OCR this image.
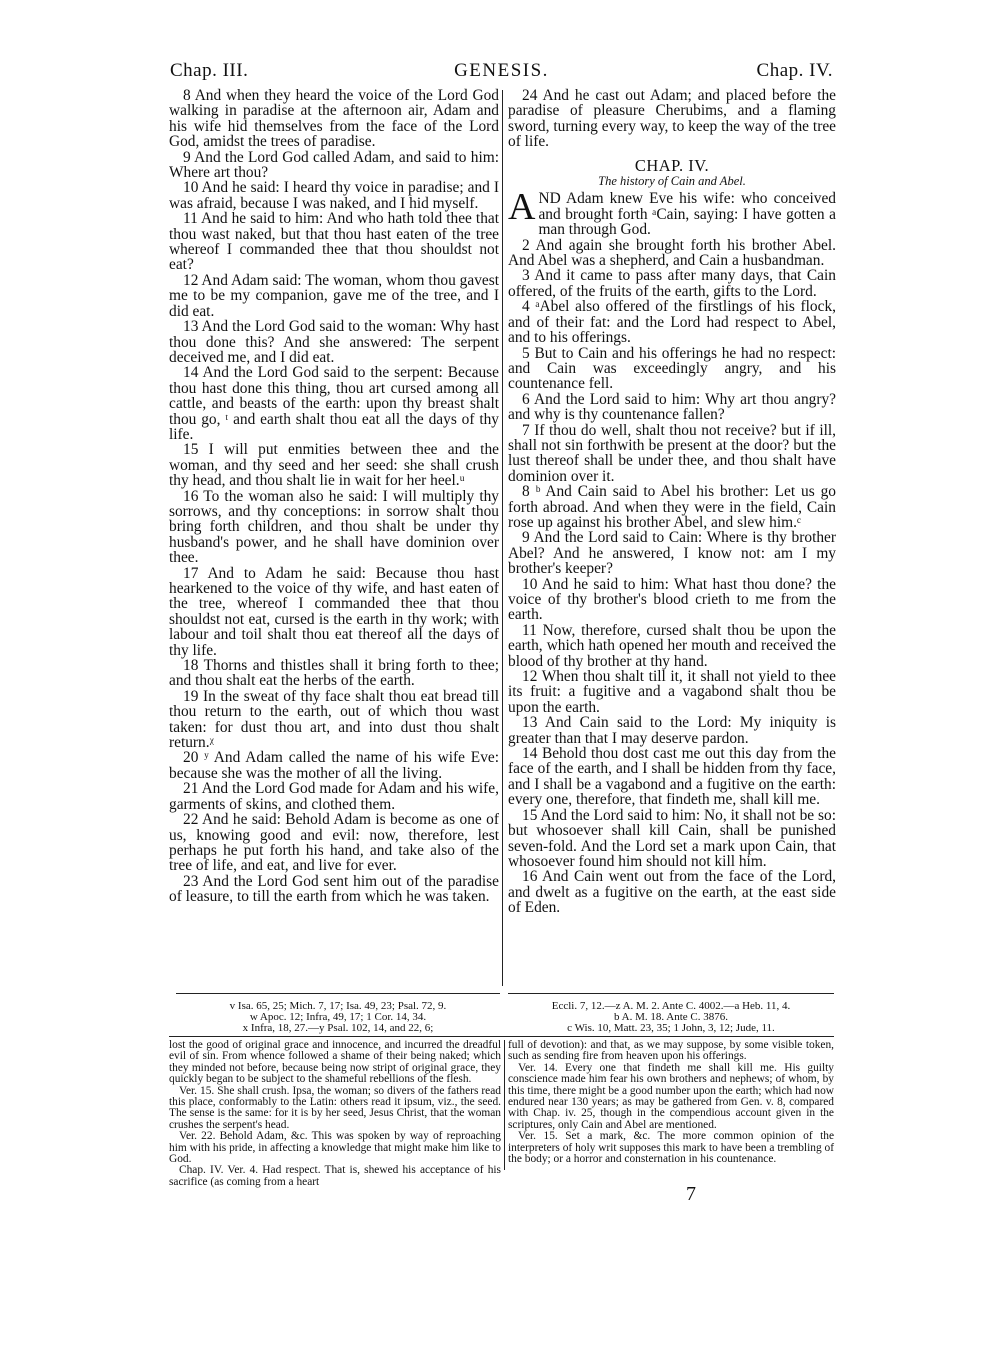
GENESIS.
Chap. III.	Chap. IV.

8 And when they heard the voice of the Lord God walking in paradise at the afternoon air, Adam and his wife hid themselves from the face of the Lord God, amidst the trees of paradise.

9 And the Lord God called Adam, and said to him: Where art thou?

10 And he said: I heard thy voice in paradise; and I was afraid, because I was naked, and I hid myself.

11 And he said to him: And who hath told thee that thou wast naked, but that thou hast eaten of the tree whereof I commanded thee that thou shouldst not eat?

12 And Adam said: The woman, whom thou gavest me to be my companion, gave me of the tree, and I did eat.

13 And the Lord God said to the woman: Why hast thou done this? And she answered: The serpent deceived me, and I did eat.

14 And the Lord God said to the serpent: Because thou hast done this thing, thou art cursed among all cattle, and beasts of the earth: upon thy breast shalt thou go, ᵗ and earth shalt thou eat all the days of thy life.

15 I will put enmities between thee and the woman, and thy seed and her seed: she shall crush thy head, and thou shalt lie in wait for her heel.ᵘ

16 To the woman also he said: I will multiply thy sorrows, and thy conceptions: in sorrow shalt thou bring forth children, and thou shalt be under thy husband's power, and he shall have dominion over thee.

17 And to Adam he said: Because thou hast hearkened to the voice of thy wife, and hast eaten of the tree, whereof I commanded thee that thou shouldst not eat, cursed is the earth in thy work; with labour and toil shalt thou eat thereof all the days of thy life.

18 Thorns and thistles shall it bring forth to thee; and thou shalt eat the herbs of the earth.

19 In the sweat of thy face shalt thou eat bread till thou return to the earth, out of which thou wast taken: for dust thou art, and into dust thou shalt return.ᵡ

20 ʸ And Adam called the name of his wife Eve: because she was the mother of all the living.

21 And the Lord God made for Adam and his wife, garments of skins, and clothed them.

22 And he said: Behold Adam is become as one of us, knowing good and evil: now, therefore, lest perhaps he put forth his hand, and take also of the tree of life, and eat, and live for ever.

23 And the Lord God sent him out of the paradise of leasure, to till the earth from which he was taken.

24 And he cast out Adam; and placed before the paradise of pleasure Cherubims, and a flaming sword, turning every way, to keep the way of the tree of life.

CHAP. IV.
The history of Cain and Abel.

AND Adam knew Eve his wife: who conceived and brought forth ᵃCain, saying: I have gotten a man through God.

2 And again she brought forth his brother Abel. And Abel was a shepherd, and Cain a husbandman.

3 And it came to pass after many days, that Cain offered, of the fruits of the earth, gifts to the Lord.

4 ᵃAbel also offered of the firstlings of his flock, and of their fat: and the Lord had respect to Abel, and to his offerings.

5 But to Cain and his offerings he had no respect: and Cain was exceedingly angry, and his countenance fell.

6 And the Lord said to him: Why art thou angry? and why is thy countenance fallen?

7 If thou do well, shalt thou not receive? but if ill, shall not sin forthwith be present at the door? but the lust thereof shall be under thee, and thou shalt have dominion over it.

8 ᵇ And Cain said to Abel his brother: Let us go forth abroad. And when they were in the field, Cain rose up against his brother Abel, and slew him.ᶜ

9 And the Lord said to Cain: Where is thy brother Abel? And he answered, I know not: am I my brother's keeper?

10 And he said to him: What hast thou done? the voice of thy brother's blood crieth to me from the earth.

11 Now, therefore, cursed shalt thou be upon the earth, which hath opened her mouth and received the blood of thy brother at thy hand.

12 When thou shalt till it, it shall not yield to thee its fruit: a fugitive and a vagabond shalt thou be upon the earth.

13 And Cain said to the Lord: My iniquity is greater than that I may deserve pardon.

14 Behold thou dost cast me out this day from the face of the earth, and I shall be hidden from thy face, and I shall be a vagabond and a fugitive on the earth: every one, therefore, that findeth me, shall kill me.

15 And the Lord said to him: No, it shall not be so: but whosoever shall kill Cain, shall be punished seven-fold. And the Lord set a mark upon Cain, that whosoever found him should not kill him.

16 And Cain went out from the face of the Lord, and dwelt as a fugitive on the earth, at the east side of Eden.

v Isa. 65, 25; Mich. 7, 17; Isa. 49, 23; Psal. 72, 9.
w Apoc. 12; Infra, 49, 17; 1 Cor. 14, 34.
x Infra, 18, 27.—y Psal. 102, 14, and 22, 6;
Eccli. 7, 12.—z A. M. 2. Ante C. 4002.—a Heb. 11, 4.
b A. M. 18. Ante C. 3876.
c Wis. 10, Matt. 23, 35; 1 John, 3, 12; Jude, 11.

lost the good of original grace and innocence, and incurred the dreadful evil of sin. From whence followed a shame of their being naked; which they minded not before, because being now stript of original grace, they quickly began to be subject to the shameful rebellions of the flesh.

Ver. 15. She shall crush. Ipsa, the woman; so divers of the fathers read this place, conformably to the Latin: others read it ipsum, viz., the seed. The sense is the same: for it is by her seed, Jesus Christ, that the woman crushes the serpent's head.

Ver. 22. Behold Adam, &c. This was spoken by way of reproaching him with his pride, in affecting a knowledge that might make him like to God.

Chap. IV. Ver. 4. Had respect. That is, shewed his acceptance of his sacrifice (as coming from a heart

full of devotion): and that, as we may suppose, by some visible token, such as sending fire from heaven upon his offerings.

Ver. 14. Every one that findeth me shall kill me. His guilty conscience made him fear his own brothers and nephews; of whom, by this time, there might be a good number upon the earth; which had now endured near 130 years; as may be gathered from Gen. v. 8, compared with Chap. iv. 25, though in the compendious account given in the scriptures, only Cain and Abel are mentioned.

Ver. 15. Set a mark, &c. The more common opinion of the interpreters of holy writ supposes this mark to have been a trembling of the body; or a horror and consternation in his countenance.

7
